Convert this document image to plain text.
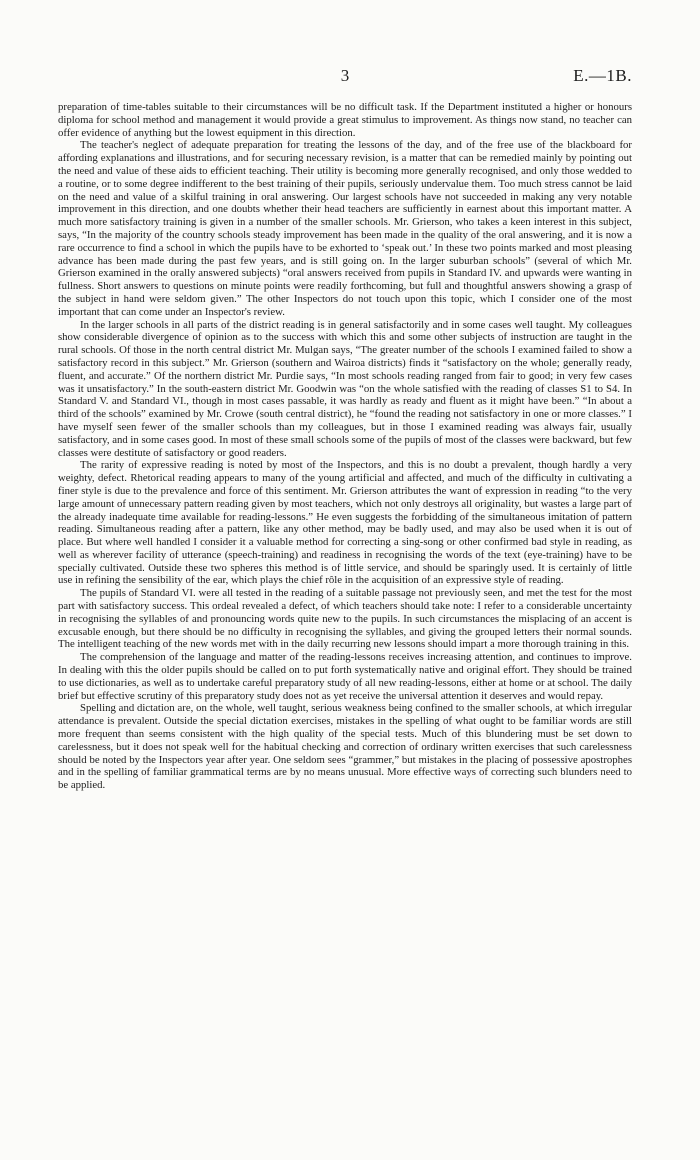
3	E.—1B.

preparation of time-tables suitable to their circumstances will be no difficult task. If the Department instituted a higher or honours diploma for school method and management it would provide a great stimulus to improvement. As things now stand, no teacher can offer evidence of anything but the lowest equipment in this direction.

The teacher's neglect of adequate preparation for treating the lessons of the day, and of the free use of the blackboard for affording explanations and illustrations, and for securing necessary revision, is a matter that can be remedied mainly by pointing out the need and value of these aids to efficient teaching. Their utility is becoming more generally recognised, and only those wedded to a routine, or to some degree indifferent to the best training of their pupils, seriously undervalue them. Too much stress cannot be laid on the need and value of a skilful training in oral answering. Our largest schools have not succeeded in making any very notable improvement in this direction, and one doubts whether their head teachers are sufficiently in earnest about this important matter. A much more satisfactory training is given in a number of the smaller schools. Mr. Grierson, who takes a keen interest in this subject, says, “In the majority of the country schools steady improvement has been made in the quality of the oral answering, and it is now a rare occurrence to find a school in which the pupils have to be exhorted to ‘speak out.’ In these two points marked and most pleasing advance has been made during the past few years, and is still going on. In the larger suburban schools” (several of which Mr. Grierson examined in the orally answered subjects) “oral answers received from pupils in Standard IV. and upwards were wanting in fullness. Short answers to questions on minute points were readily forthcoming, but full and thoughtful answers showing a grasp of the subject in hand were seldom given.” The other Inspectors do not touch upon this topic, which I consider one of the most important that can come under an Inspector's review.

In the larger schools in all parts of the district reading is in general satisfactorily and in some cases well taught. My colleagues show considerable divergence of opinion as to the success with which this and some other subjects of instruction are taught in the rural schools. Of those in the north central district Mr. Mulgan says, “The greater number of the schools I examined failed to show a satisfactory record in this subject.” Mr. Grierson (southern and Wairoa districts) finds it “satisfactory on the whole; generally ready, fluent, and accurate.” Of the northern district Mr. Purdie says, “In most schools reading ranged from fair to good; in very few cases was it unsatisfactory.” In the south-eastern district Mr. Goodwin was “on the whole satisfied with the reading of classes S1 to S4. In Standard V. and Standard VI., though in most cases passable, it was hardly as ready and fluent as it might have been.” “In about a third of the schools” examined by Mr. Crowe (south central district), he “found the reading not satisfactory in one or more classes.” I have myself seen fewer of the smaller schools than my colleagues, but in those I examined reading was always fair, usually satisfactory, and in some cases good. In most of these small schools some of the pupils of most of the classes were backward, but few classes were destitute of satisfactory or good readers.

The rarity of expressive reading is noted by most of the Inspectors, and this is no doubt a prevalent, though hardly a very weighty, defect. Rhetorical reading appears to many of the young artificial and affected, and much of the difficulty in cultivating a finer style is due to the prevalence and force of this sentiment. Mr. Grierson attributes the want of expression in reading “to the very large amount of unnecessary pattern reading given by most teachers, which not only destroys all originality, but wastes a large part of the already inadequate time available for reading-lessons.” He even suggests the forbidding of the simultaneous imitation of pattern reading. Simultaneous reading after a pattern, like any other method, may be badly used, and may also be used when it is out of place. But where well handled I consider it a valuable method for correcting a sing-song or other confirmed bad style in reading, as well as wherever facility of utterance (speech-training) and readiness in recognising the words of the text (eye-training) have to be specially cultivated. Outside these two spheres this method is of little service, and should be sparingly used. It is certainly of little use in refining the sensibility of the ear, which plays the chief rôle in the acquisition of an expressive style of reading.

The pupils of Standard VI. were all tested in the reading of a suitable passage not previously seen, and met the test for the most part with satisfactory success. This ordeal revealed a defect, of which teachers should take note: I refer to a considerable uncertainty in recognising the syllables of and pronouncing words quite new to the pupils. In such circumstances the misplacing of an accent is excusable enough, but there should be no difficulty in recognising the syllables, and giving the grouped letters their normal sounds. The intelligent teaching of the new words met with in the daily recurring new lessons should impart a more thorough training in this.

The comprehension of the language and matter of the reading-lessons receives increasing attention, and continues to improve. In dealing with this the older pupils should be called on to put forth systematically native and original effort. They should be trained to use dictionaries, as well as to undertake careful preparatory study of all new reading-lessons, either at home or at school. The daily brief but effective scrutiny of this preparatory study does not as yet receive the universal attention it deserves and would repay.

Spelling and dictation are, on the whole, well taught, serious weakness being confined to the smaller schools, at which irregular attendance is prevalent. Outside the special dictation exercises, mistakes in the spelling of what ought to be familiar words are still more frequent than seems consistent with the high quality of the special tests. Much of this blundering must be set down to carelessness, but it does not speak well for the habitual checking and correction of ordinary written exercises that such carelessness should be noted by the Inspectors year after year. One seldom sees “grammer,” but mistakes in the placing of possessive apostrophes and in the spelling of familiar grammatical terms are by no means unusual. More effective ways of correcting such blunders need to be applied.
